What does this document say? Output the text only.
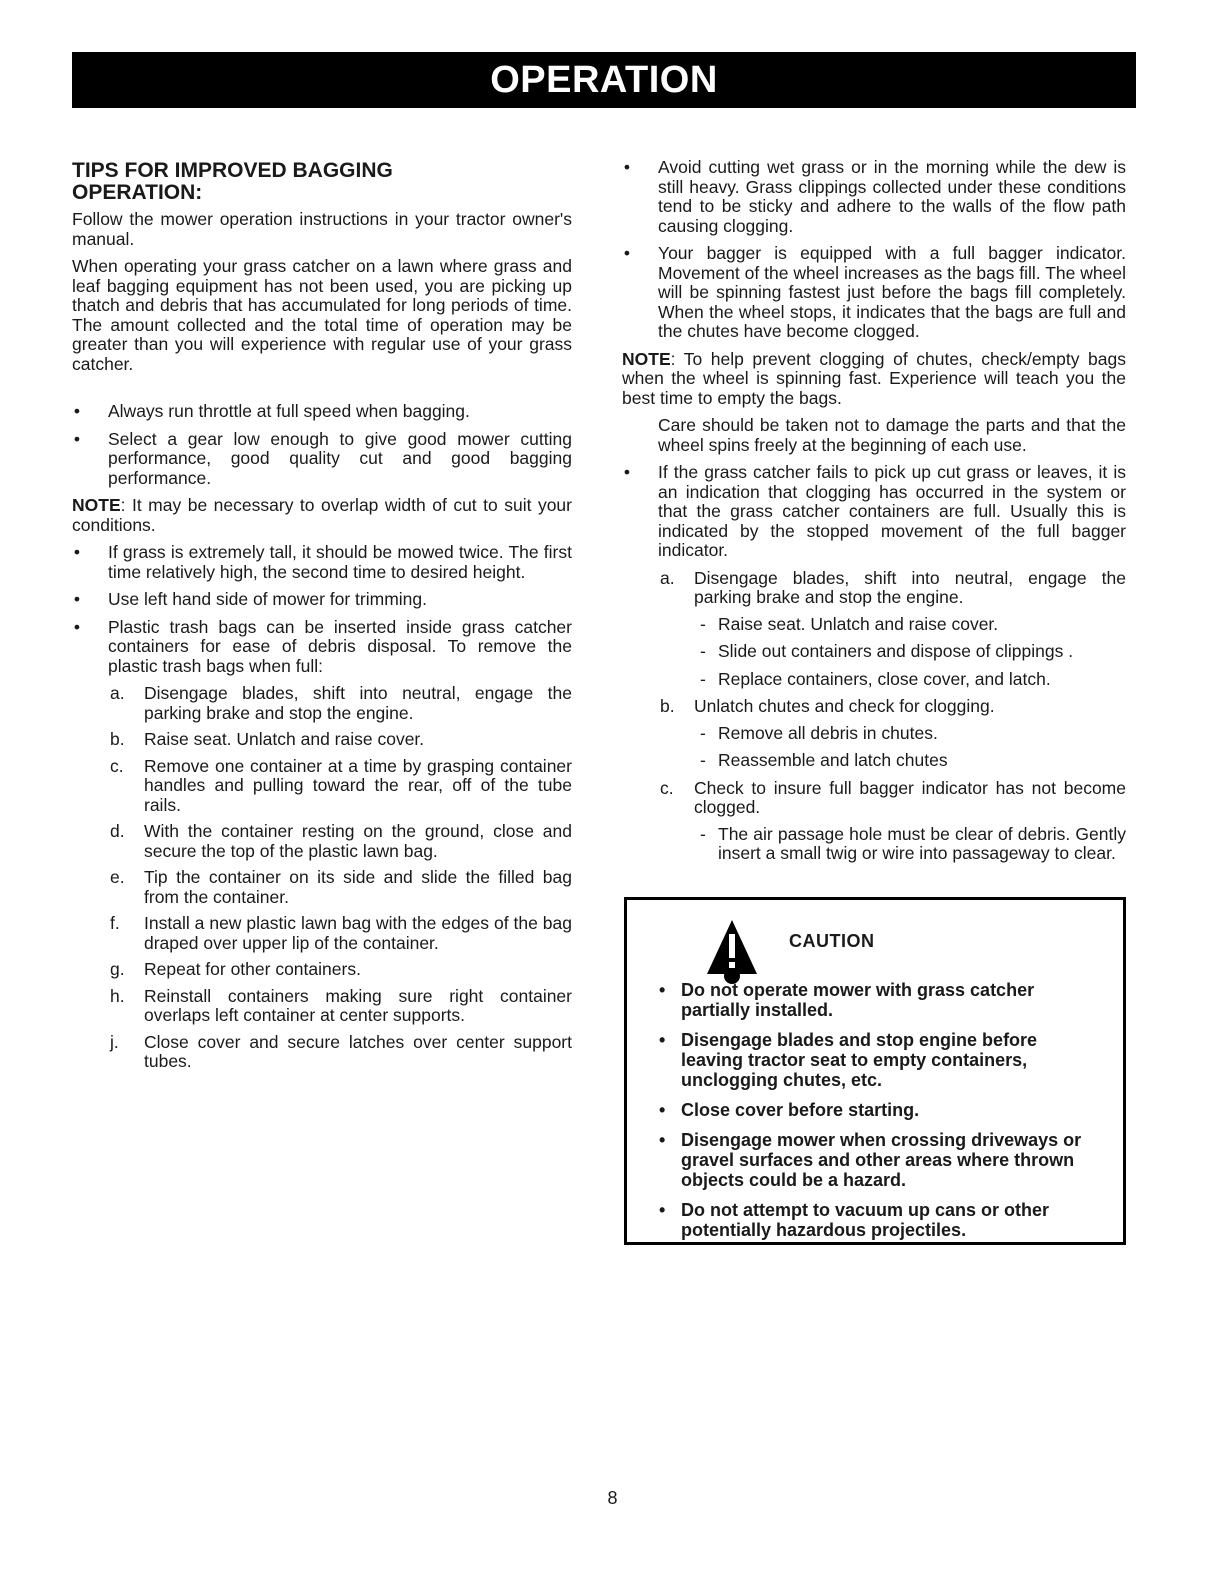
OPERATION
TIPS FOR IMPROVED BAGGING
OPERATION:

Follow the mower operation instructions in your tractor owner's manual.

When operating your grass catcher on a lawn where grass and leaf bagging equipment has not been used, you are picking up thatch and debris that has accumulated for long periods of time. The amount collected and the total time of operation may be greater than you will experience with regular use of your grass catcher.

• Always run throttle at full speed when bagging.
• Select a gear low enough to give good mower cutting performance, good quality cut and good bagging performance.

NOTE: It may be necessary to overlap width of cut to suit your conditions.

• If grass is extremely tall, it should be mowed twice. The first time relatively high, the second time to desired height.
• Use left hand side of mower for trimming.
• Plastic trash bags can be inserted inside grass catcher containers for ease of debris disposal. To remove the plastic trash bags when full:
a.	Disengage blades, shift into neutral, engage the parking brake and stop the engine.
b.	Raise seat. Unlatch and raise cover.
c.	Remove one container at a time by grasping container handles and pulling toward the rear, off of the tube rails.
d.	With the container resting on the ground, close and secure the top of the plastic lawn bag.
e.	Tip the container on its side and slide the filled bag from the container.
f.	Install a new plastic lawn bag with the edges of the bag draped over upper lip of the container.
g.	Repeat for other containers.
h.	Reinstall containers making sure right container overlaps left container at center supports.
j.	Close cover and secure latches over center support tubes.
• Avoid cutting wet grass or in the morning while the dew is still heavy. Grass clippings collected under these conditions tend to be sticky and adhere to the walls of the flow path causing clogging.
• Your bagger is equipped with a full bagger indicator. Movement of the wheel increases as the bags fill. The wheel will be spinning fastest just before the bags fill completely. When the wheel stops, it indicates that the bags are full and the chutes have become clogged.

NOTE: To help prevent clogging of chutes, check/empty bags when the wheel is spinning fast. Experience will teach you the best time to empty the bags.

Care should be taken not to damage the parts and that the wheel spins freely at the beginning of each use.

• If the grass catcher fails to pick up cut grass or leaves, it is an indication that clogging has occurred in the system or that the grass catcher containers are full. Usually this is indicated by the stopped movement of the full bagger indicator.
a.	Disengage blades, shift into neutral, engage the parking brake and stop the engine.
- Raise seat. Unlatch and raise cover.
- Slide out containers and dispose of clippings .
- Replace containers, close cover, and latch.
b.	Unlatch chutes and check for clogging.
- Remove all debris in chutes.
- Reassemble and latch chutes
c.	Check to insure full bagger indicator has not become clogged.
- The air passage hole must be clear of debris. Gently insert a small twig or wire into passageway to clear.
CAUTION
• Do not operate mower with grass catcher partially installed.
• Disengage blades and stop engine before leaving tractor seat to empty containers, unclogging chutes, etc.
• Close cover before starting.
• Disengage mower when crossing driveways or gravel surfaces and other areas where thrown objects could be a hazard.
• Do not attempt to vacuum up cans or other potentially hazardous projectiles.
8
